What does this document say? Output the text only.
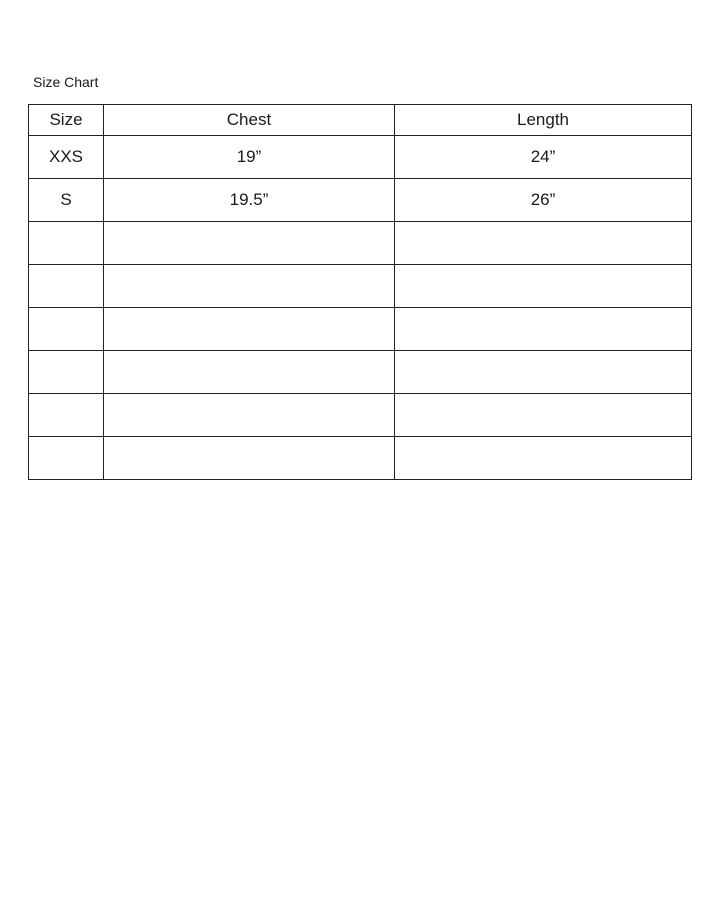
Size Chart
Size	Chest	Length
XXS	19”	24”
S	19.5”	26”
